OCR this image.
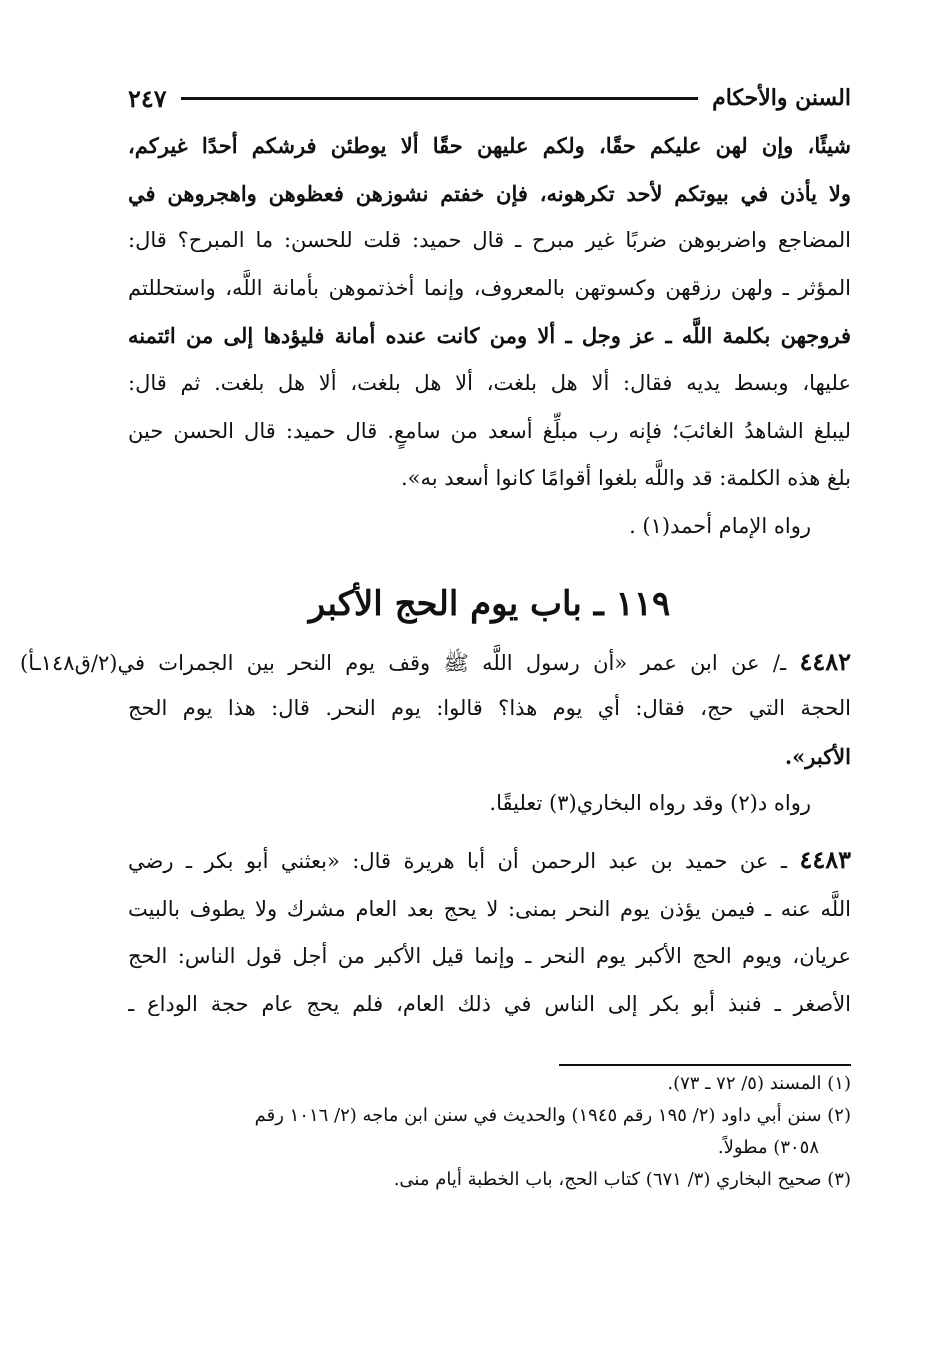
السنن والأحكام
٢٤٧
شيئًا، وإن لهن عليكم حقًا، ولكم عليهن حقًا ألا يوطئن فرشكم أحدًا غيركم،
ولا يأذن في بيوتكم لأحد تكرهونه، فإن خفتم نشوزهن فعظوهن واهجروهن في
المضاجع واضربوهن ضربًا غير مبرح ـ قال حميد: قلت للحسن: ما المبرح؟ قال:
المؤثر ـ ولهن رزقهن وكسوتهن بالمعروف، وإنما أخذتموهن بأمانة اللَّه، واستحللتم
فروجهن بكلمة اللَّه ـ عز وجل ـ ألا ومن كانت عنده أمانة فليؤدها إلى من ائتمنه
عليها، وبسط يديه فقال: ألا هل بلغت، ألا هل بلغت، ألا هل بلغت. ثم قال:
ليبلغ الشاهدُ الغائبَ؛ فإنه رب مبلِّغ أسعد من سامعٍ. قال حميد: قال الحسن حين
بلغ هذه الكلمة: قد واللَّه بلغوا أقوامًا كانوا أسعد به».
رواه الإمام أحمد(١) .
١١٩ ـ باب يوم الحج الأكبر
٤٤٨٢ ـ/ عن ابن عمر «أن رسول اللَّه ﷺ وقف يوم النحر بين الجمرات في(٢/ق١٤٨ـأ)
الحجة التي حج، فقال: أي يوم هذا؟ قالوا: يوم النحر. قال: هذا يوم الحج
الأكبر».
رواه د(٢) وقد رواه البخاري(٣) تعليقًا.
٤٤٨٣ ـ عن حميد بن عبد الرحمن أن أبا هريرة قال: «بعثني أبو بكر ـ رضي
اللَّه عنه ـ فيمن يؤذن يوم النحر بمنى: لا يحج بعد العام مشرك ولا يطوف بالبيت
عريان، ويوم الحج الأكبر يوم النحر ـ وإنما قيل الأكبر من أجل قول الناس: الحج
الأصغر ـ فنبذ أبو بكر إلى الناس في ذلك العام، فلم يحج عام حجة الوداع ـ
(١) المسند (٥/ ٧٢ ـ ٧٣).
(٢) سنن أبي داود (٢/ ١٩٥ رقم ١٩٤٥) والحديث في سنن ابن ماجه (٢/ ١٠١٦ رقم
٣٠٥٨) مطولاً.
(٣) صحيح البخاري (٣/ ٦٧١) كتاب الحج، باب الخطبة أيام منى.
